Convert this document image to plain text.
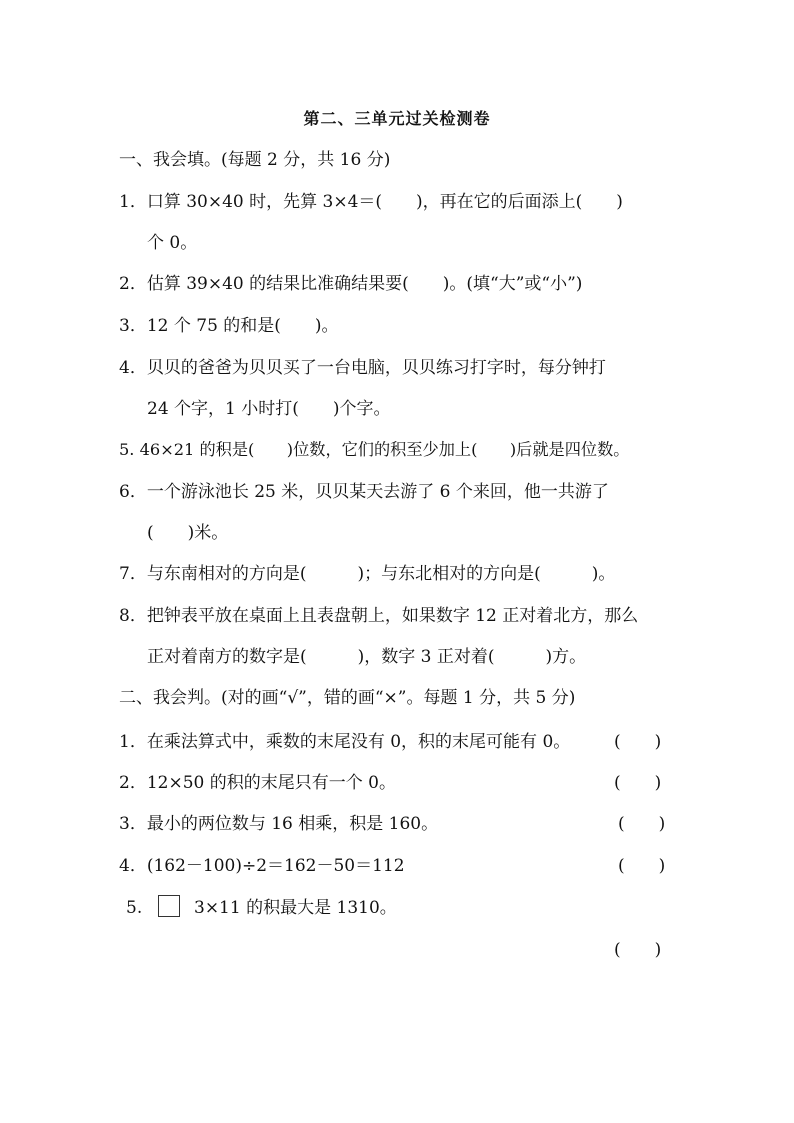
第二、三单元过关检测卷
一、我会填。(每题 2 分，共 16 分)
1．口算 30×40 时，先算 3×4＝(　　)，再在它的后面添上(　　)
个 0。
2．估算 39×40 的结果比准确结果要(　　)。(填“大”或“小”)
3．12 个 75 的和是(　　)。
4．贝贝的爸爸为贝贝买了一台电脑，贝贝练习打字时，每分钟打
24 个字，1 小时打(　　)个字。
5. 46×21 的积是(　　)位数，它们的积至少加上(　　)后就是四位数。
6．一个游泳池长 25 米，贝贝某天去游了 6 个来回，他一共游了
(　　)米。
7．与东南相对的方向是(　　　)；与东北相对的方向是(　　　)。
8．把钟表平放在桌面上且表盘朝上，如果数字 12 正对着北方，那么
正对着南方的数字是(　　　)，数字 3 正对着(　　　)方。
二、我会判。(对的画“√”，错的画“×”。每题 1 分，共 5 分)
1．在乘法算式中，乘数的末尾没有 0，积的末尾可能有 0。	(　　)
2．12×50 的积的末尾只有一个 0。	(　　)
3．最小的两位数与 16 相乘，积是 160。	(　　)
4．(162－100)÷2＝162－50＝112	(　　)
5.	3×11 的积最大是 1310。
(　　)
